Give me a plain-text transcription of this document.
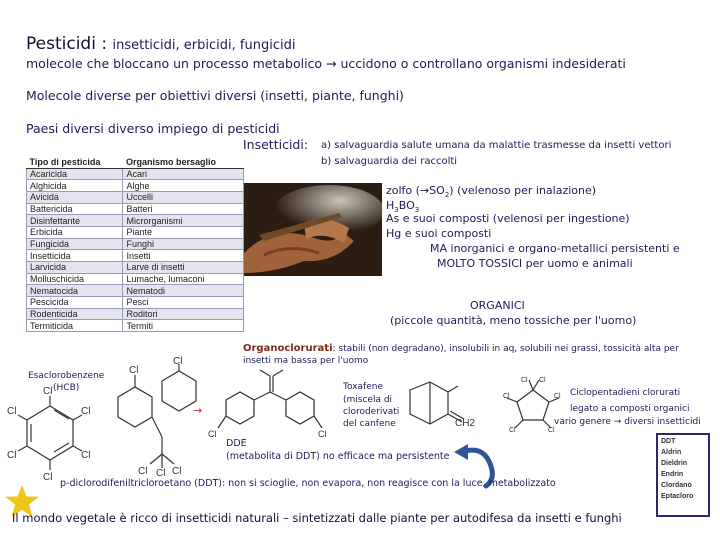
Pesticidi : insetticidi, erbicidi, fungicidi
molecole che bloccano un processo metabolico → uccidono o controllano organismi indesiderati
Molecole diverse per obiettivi diversi (insetti, piante, funghi)
Paesi diversi diverso impiego di pesticidi
Tipo di pesticida	Organismo bersaglio
Acaricida	Acari
Alghicida	Alghe
Avicida	Uccelli
Battericida	Batteri
Disinfettante	Microrganismi
Erbicida	Piante
Fungicida	Funghi
Insetticida	Insetti
Larvicida	Larve di insetti
Molluschicida	Lumache, lumaconi
Nematocida	Nematodi
Pescicida	Pesci
Rodenticida	Roditori
Termiticida	Termiti
Insetticidi: a) salvaguardia salute umana da malattie trasmesse da insetti vettori
b) salvaguardia dei raccolti
zolfo $(\to SO_2)$ (velenoso per inalazione)
$H_3BO_3$
As e suoi composti (velenosi per ingestione)
Hg e suoi composti
MA inorganici e organo-metallici persistenti e
MOLTO TOSSICI per uomo e animali
ORGANICI
(piccole quantità, meno tossiche per l'uomo)
Organoclorurati: stabili (non degradano), insolubili in aq, solubili nei grassi, tossicità alta per
insetti ma bassa per l'uomo
Esaclorobenzene
(HCB)
Cl
Cl
Cl
Cl
Cl
Cl
Cl
Cl
Cl Cl
Cl
→
Cl	Cl
DDE
(metabolita di DDT) no efficace ma persistente
Toxafene
(miscela di
cloroderivati
del canfene	CH2
Cl Cl
Cl
Cl
Cl
Cl	Ciclopentadieni clorurati
legato a composti organici
vario genere → diversi insetticidi
p-diclorodifeniltricloroetano (DDT): non si scioglie, non evapora, non reagisce con la luce, metabolizzato
DDT
Aldrin
Dieldrin
Endrin
Clordano
Eptacloro
Il mondo vegetale è ricco di insetticidi naturali – sintetizzati dalle piante per autodifesa da insetti e funghi
